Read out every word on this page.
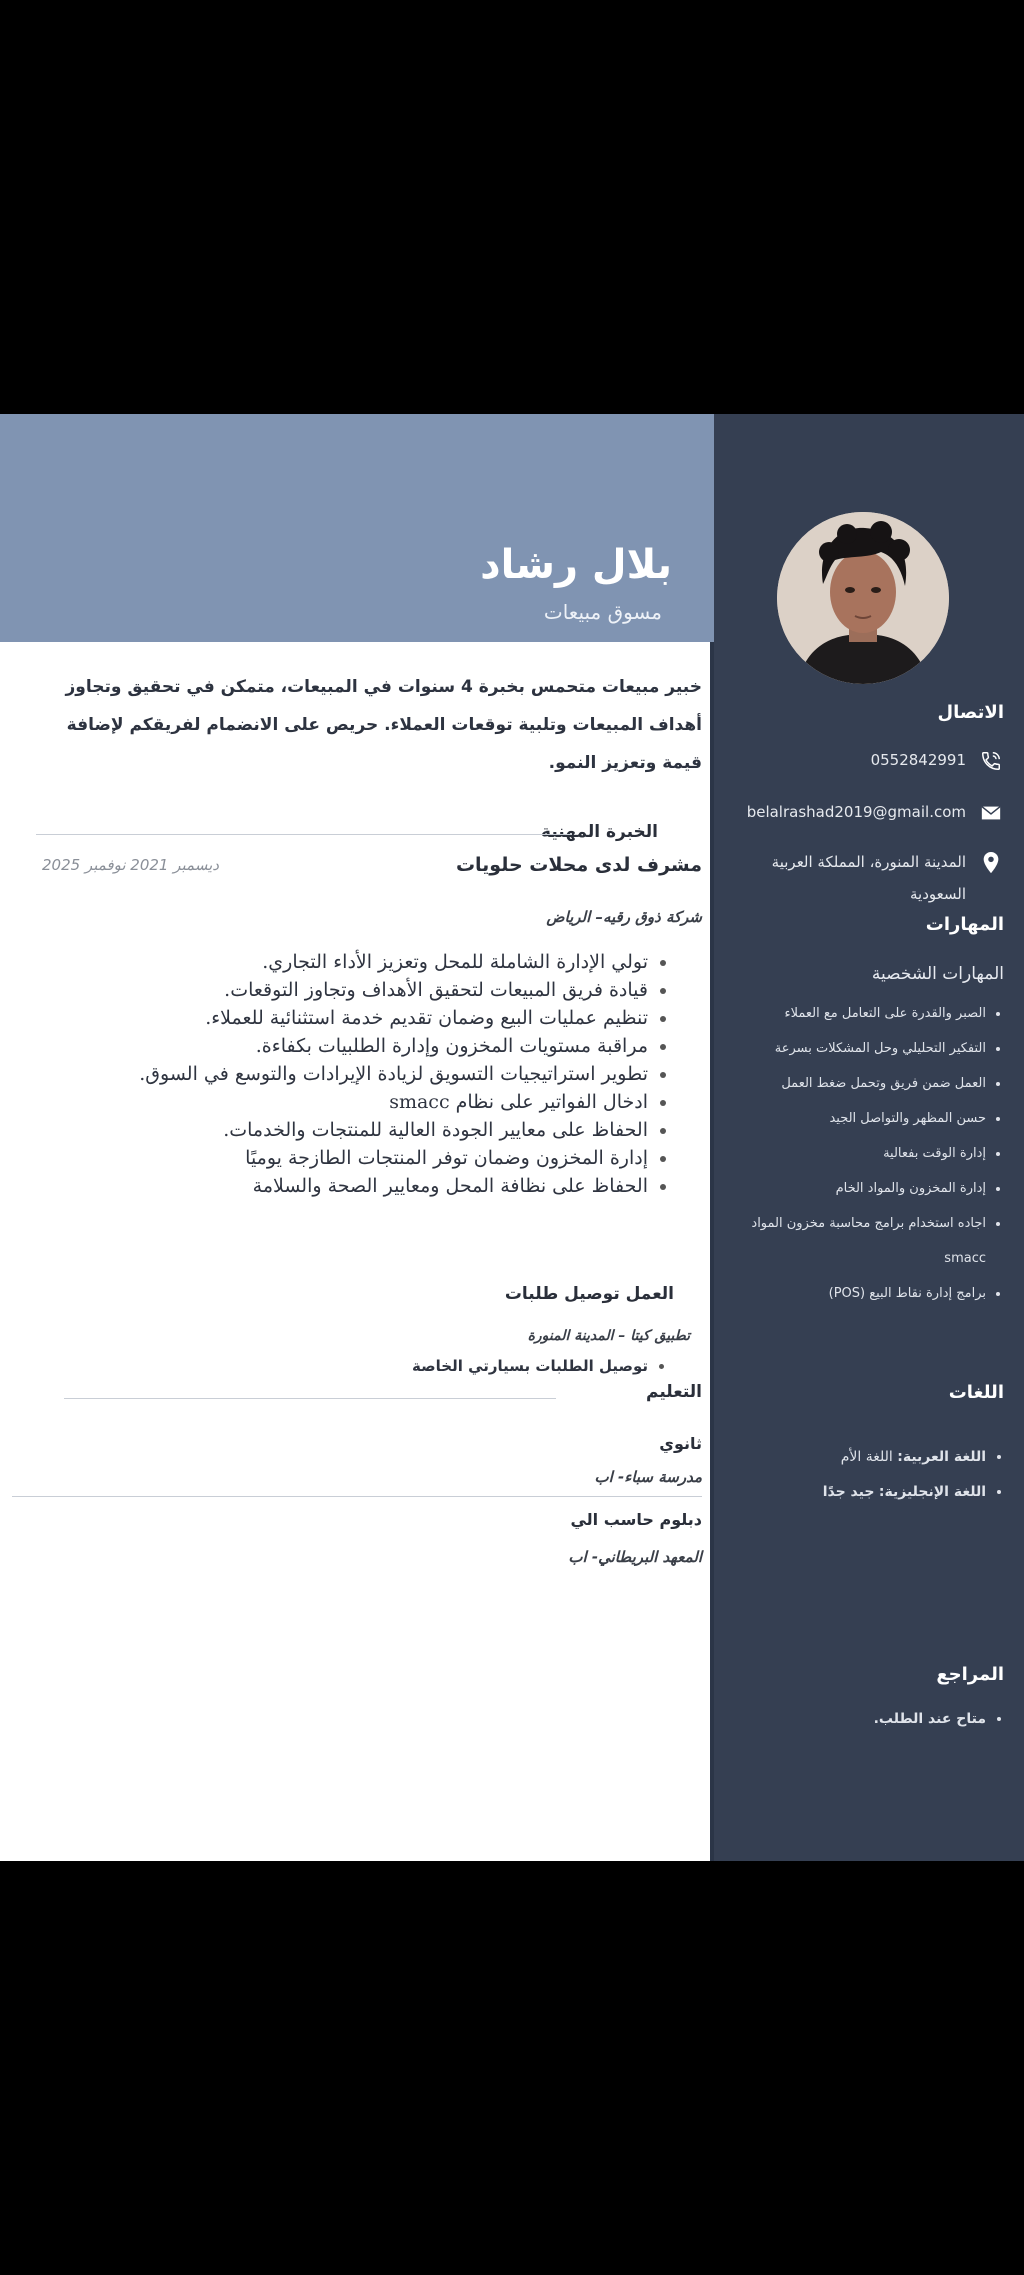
الاتصال
0552842991
belalrashad2019@gmail.com
المدينة المنورة، المملكة العربية السعودية
المهارات
المهارات الشخصية
• الصبر والقدرة على التعامل مع العملاء
• التفكير التحليلي وحل المشكلات بسرعة
• العمل ضمن فريق وتحمل ضغط العمل
• حسن المظهر والتواصل الجيد
• إدارة الوقت بفعالية
• إدارة المخزون والمواد الخام
• اجاده استخدام برامج محاسبة مخزون المواد smacc
• برامج إدارة نقاط البيع (POS)
اللغات
• اللغة العربية: اللغة الأم
• اللغة الإنجليزية: جيد جدًا
المراجع
• متاح عند الطلب.
بلال رشاد
مسوق مبيعات

خبير مبيعات متحمس بخبرة 4 سنوات في المبيعات، متمكن في تحقيق وتجاوز أهداف المبيعات وتلبية توقعات العملاء. حريص على الانضمام لفريقكم لإضافة قيمة وتعزيز النمو.

الخبرة المهنية
مشرف لدى محلات حلويات
ديسمبر 2021 نوفمبر 2025
شركة ذوق رقيه– الرياض
• تولي الإدارة الشاملة للمحل وتعزيز الأداء التجاري.
• قيادة فريق المبيعات لتحقيق الأهداف وتجاوز التوقعات.
• تنظيم عمليات البيع وضمان تقديم خدمة استثنائية للعملاء.
• مراقبة مستويات المخزون وإدارة الطلبيات بكفاءة.
• تطوير استراتيجيات التسويق لزيادة الإيرادات والتوسع في السوق.
• ادخال الفواتير على نظام smacc
• الحفاظ على معايير الجودة العالية للمنتجات والخدمات.
• إدارة المخزون وضمان توفر المنتجات الطازجة يوميًا
• الحفاظ على نظافة المحل ومعايير الصحة والسلامة
العمل توصيل طلبات
تطبيق كيتا – المدينة المنورة
• توصيل الطلبات بسيارتي الخاصة
التعليم
ثانوي
مدرسة سباء- اب
دبلوم حاسب الي
المعهد البريطاني- اب
